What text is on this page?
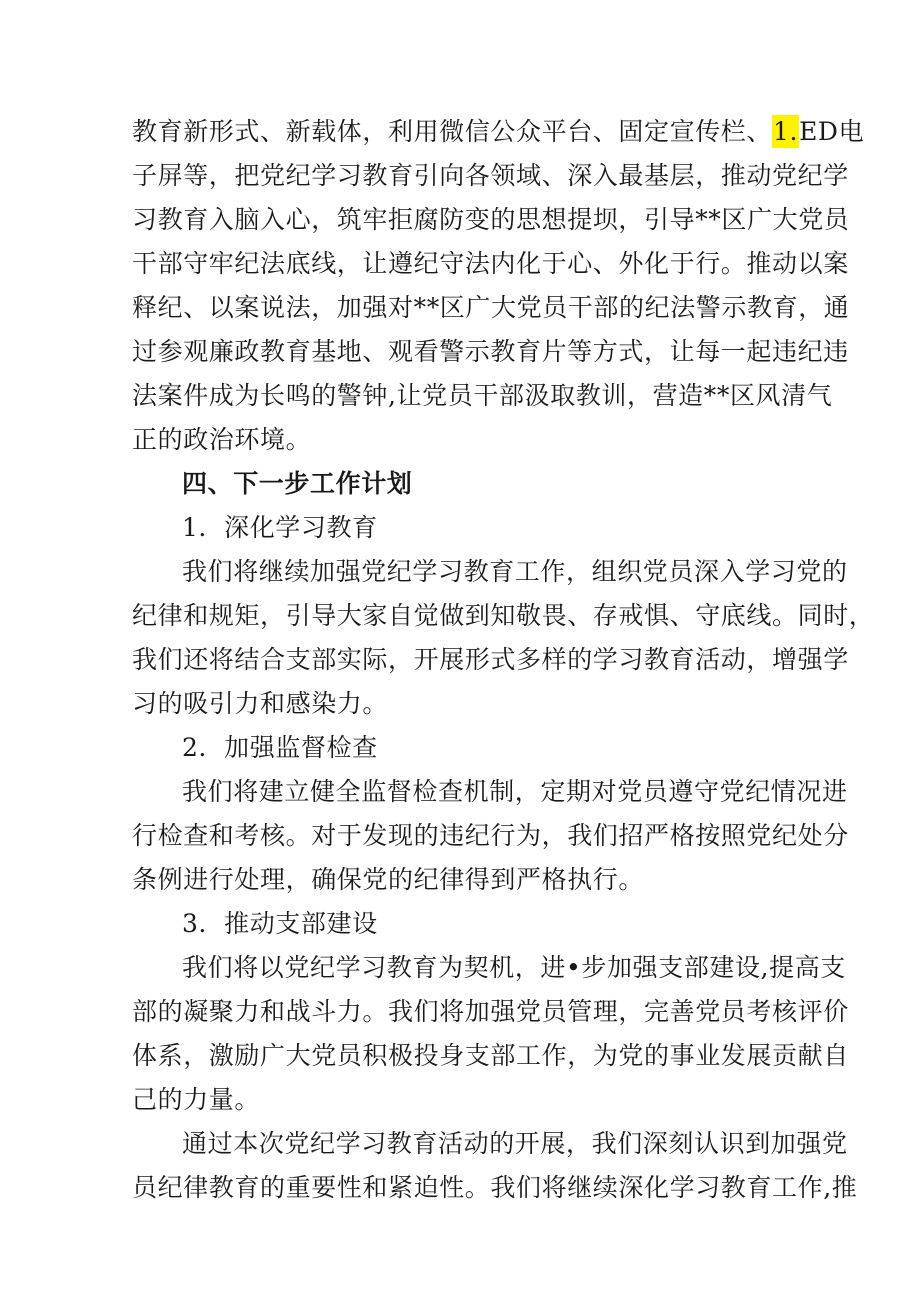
教育新形式、新载体，利用微信公众平台、固定宣传栏、1.ED电
子屏等，把党纪学习教育引向各领域、深入最基层，推动党纪学
习教育入脑入心，筑牢拒腐防变的思想提坝，引导**区广大党员
干部守牢纪法底线，让遵纪守法内化于心、外化于行。推动以案
释纪、以案说法，加强对**区广大党员干部的纪法警示教育，通
过参观廉政教育基地、观看警示教育片等方式，让每一起违纪违
法案件成为长鸣的警钟,让党员干部汲取教训，营造**区风清气
正的政治环境。
四、下一步工作计划
1．深化学习教育
我们将继续加强党纪学习教育工作，组织党员深入学习党的
纪律和规矩，引导大家自觉做到知敬畏、存戒惧、守底线。同时，
我们还将结合支部实际，开展形式多样的学习教育活动，增强学
习的吸引力和感染力。
2．加强监督检查
我们将建立健全监督检查机制，定期对党员遵守党纪情况进
行检查和考核。对于发现的违纪行为，我们招严格按照党纪处分
条例进行处理，确保党的纪律得到严格执行。
3．推动支部建设
我们将以党纪学习教育为契机，进•步加强支部建设,提高支
部的凝聚力和战斗力。我们将加强党员管理，完善党员考核评价
体系，激励广大党员积极投身支部工作，为党的事业发展贡献自
己的力量。
通过本次党纪学习教育活动的开展，我们深刻认识到加强党
员纪律教育的重要性和紧迫性。我们将继续深化学习教育工作,推
